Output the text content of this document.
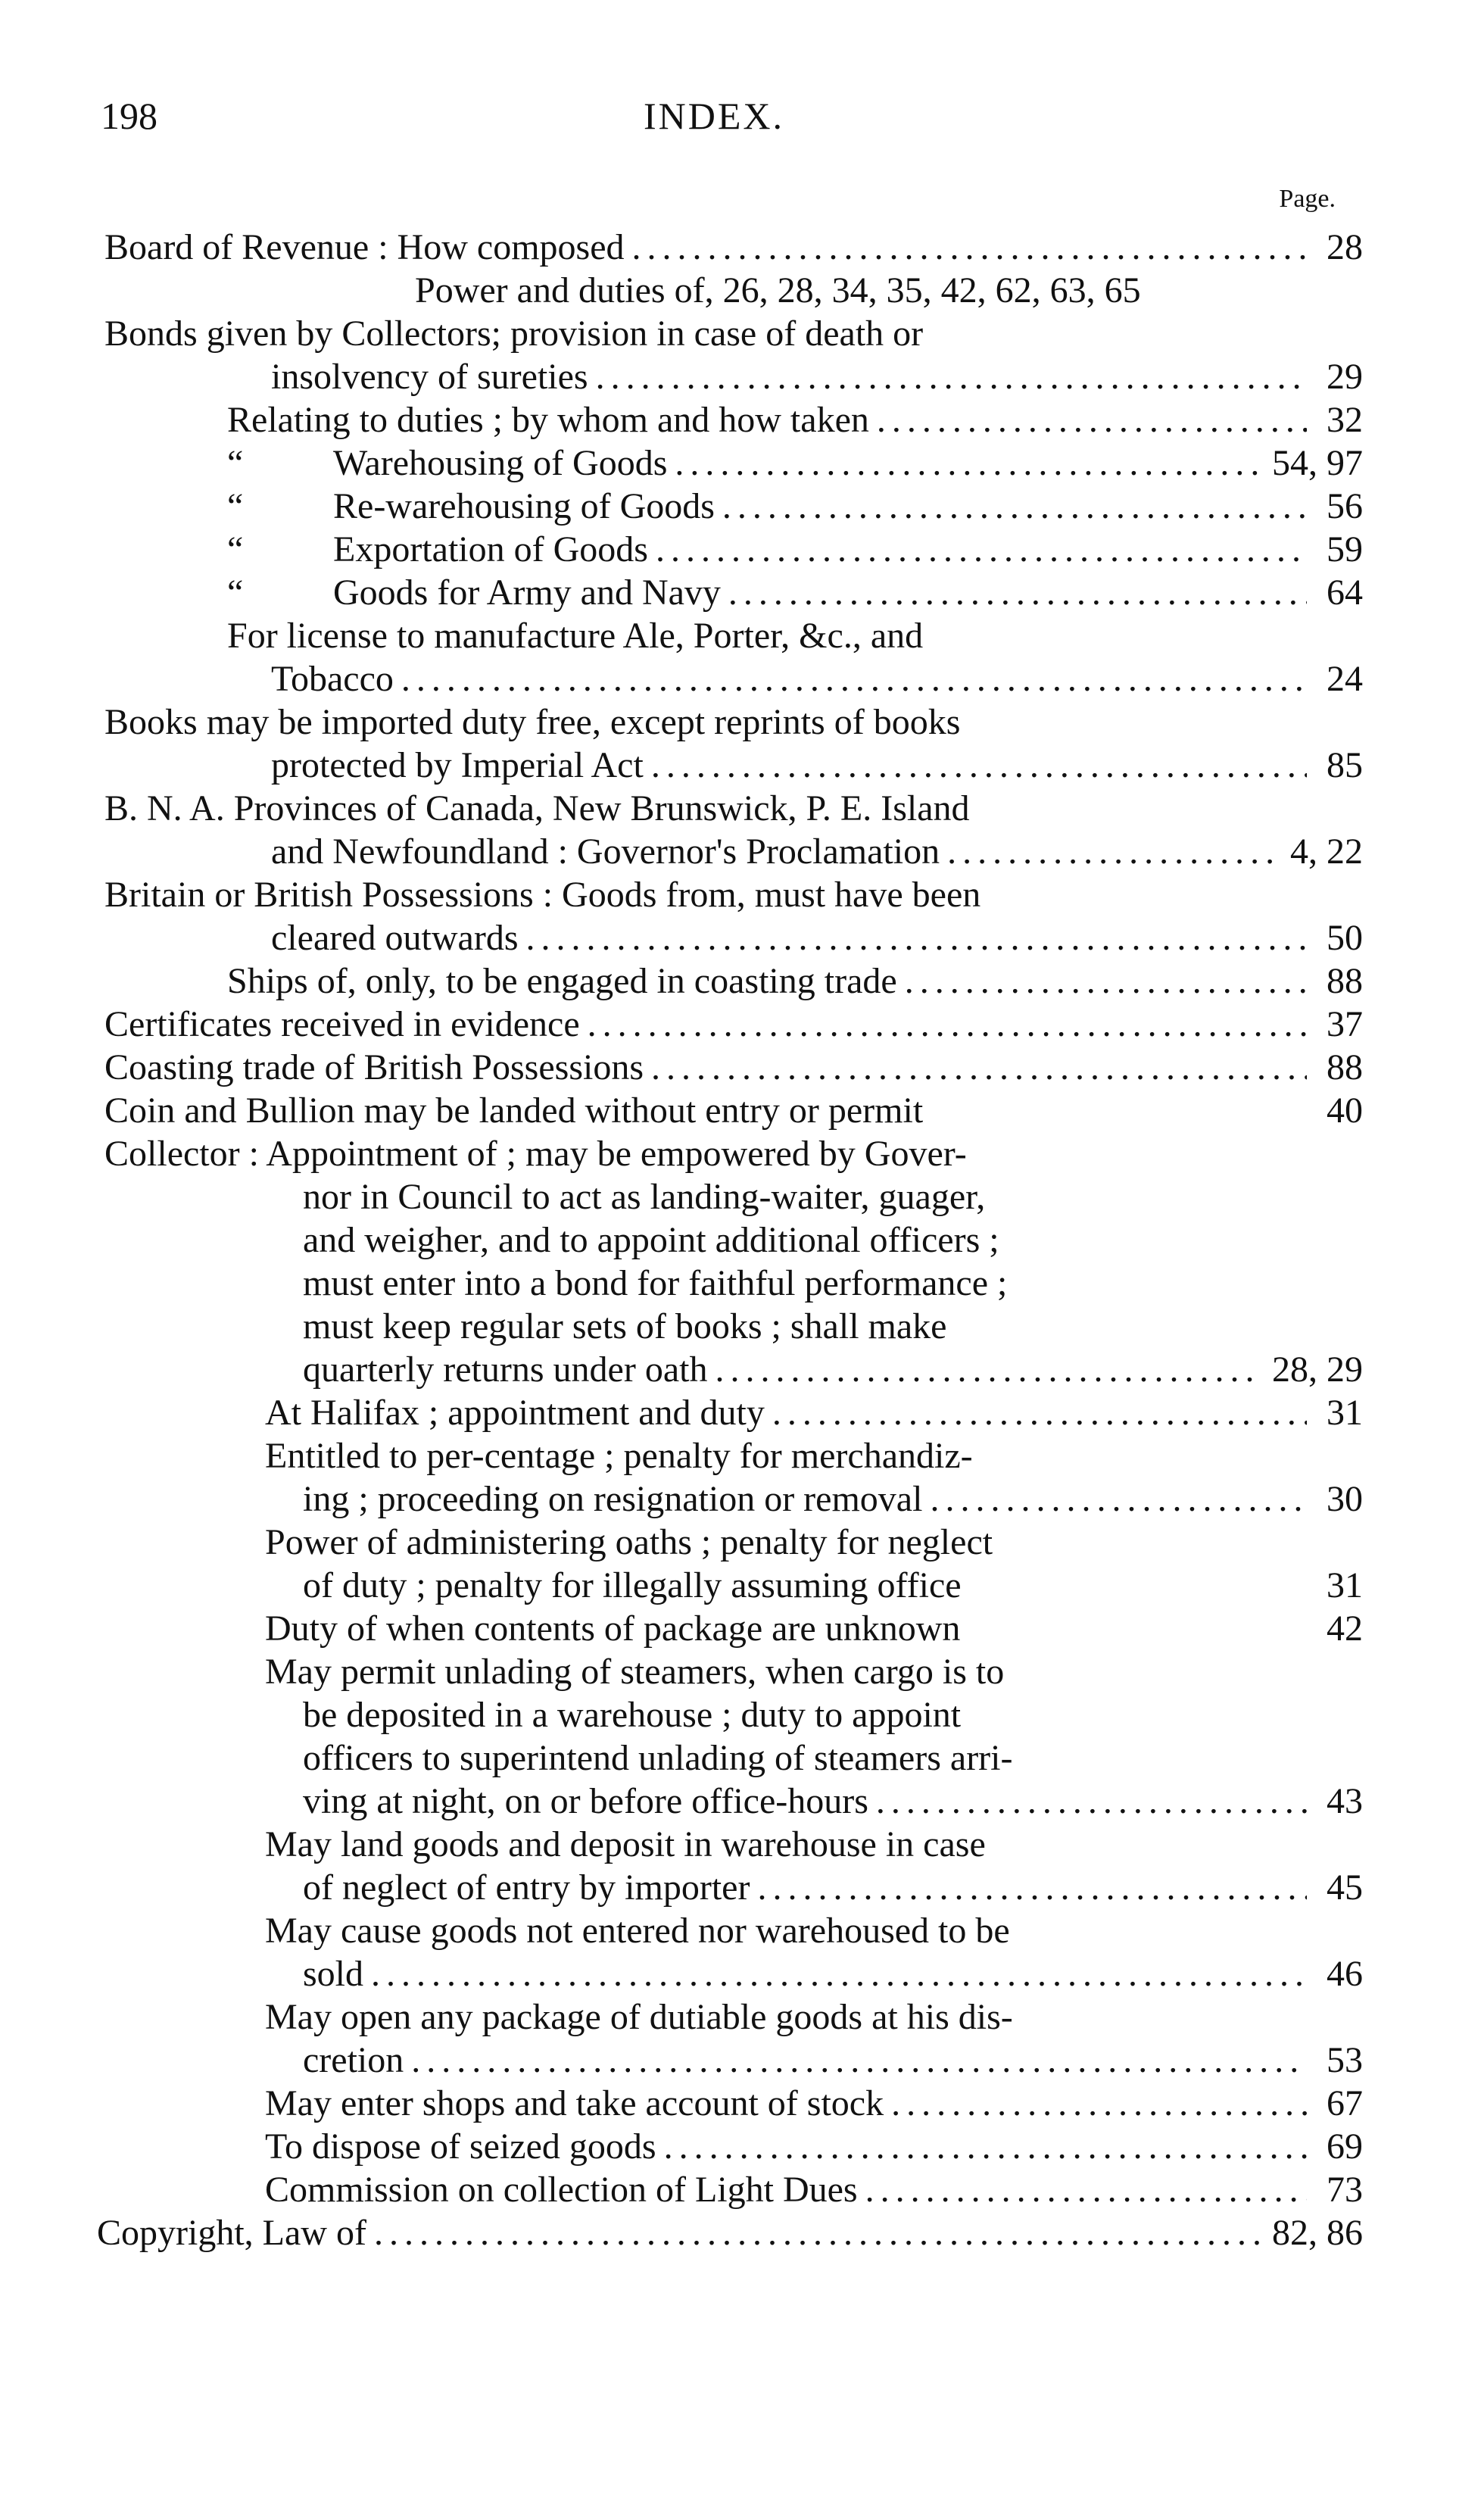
198	INDEX.
Page.
Board of Revenue : How composed . . .	28
Power and duties of, 26, 28, 34, 35, 42, 62, 63, 65
Bonds given by Collectors; provision in case of death or
insolvency of sureties . . .	29
Relating to duties ; by whom and how taken . . .	32
“ Warehousing of Goods . . .	54, 97
“ Re-warehousing of Goods . . .	56
“ Exportation of Goods . . .	59
“ Goods for Army and Navy . . .	64
For license to manufacture Ale, Porter, &c., and
Tobacco . . .	24
Books may be imported duty free, except reprints of books
protected by Imperial Act . . .	85
B. N. A. Provinces of Canada, New Brunswick, P. E. Island
and Newfoundland : Governor's Proclamation . . .	4, 22
Britain or British Possessions : Goods from, must have been
cleared outwards . . .	50
Ships of, only, to be engaged in coasting trade . . .	88
Certificates received in evidence . . .	37
Coasting trade of British Possessions . . .	88
Coin and Bullion may be landed without entry or permit	40
Collector : Appointment of ; may be empowered by Gover-
nor in Council to act as landing-waiter, guager,
and weigher, and to appoint additional officers ;
must enter into a bond for faithful performance ;
must keep regular sets of books ; shall make
quarterly returns under oath . . .	28, 29
At Halifax ; appointment and duty . . .	31
Entitled to per-centage ; penalty for merchandiz-
ing ; proceeding on resignation or removal . . .	30
Power of administering oaths ; penalty for neglect
of duty ; penalty for illegally assuming office	31
Duty of when contents of package are unknown	42
May permit unlading of steamers, when cargo is to
be deposited in a warehouse ; duty to appoint
officers to superintend unlading of steamers arri-
ving at night, on or before office-hours . . .	43
May land goods and deposit in warehouse in case
of neglect of entry by importer . . .	45
May cause goods not entered nor warehoused to be
sold . . .	46
May open any package of dutiable goods at his dis-
cretion . . .	53
May enter shops and take account of stock . . .	67
To dispose of seized goods . . .	69
Commission on collection of Light Dues . . .	73
Copyright, Law of . . .	82, 86
